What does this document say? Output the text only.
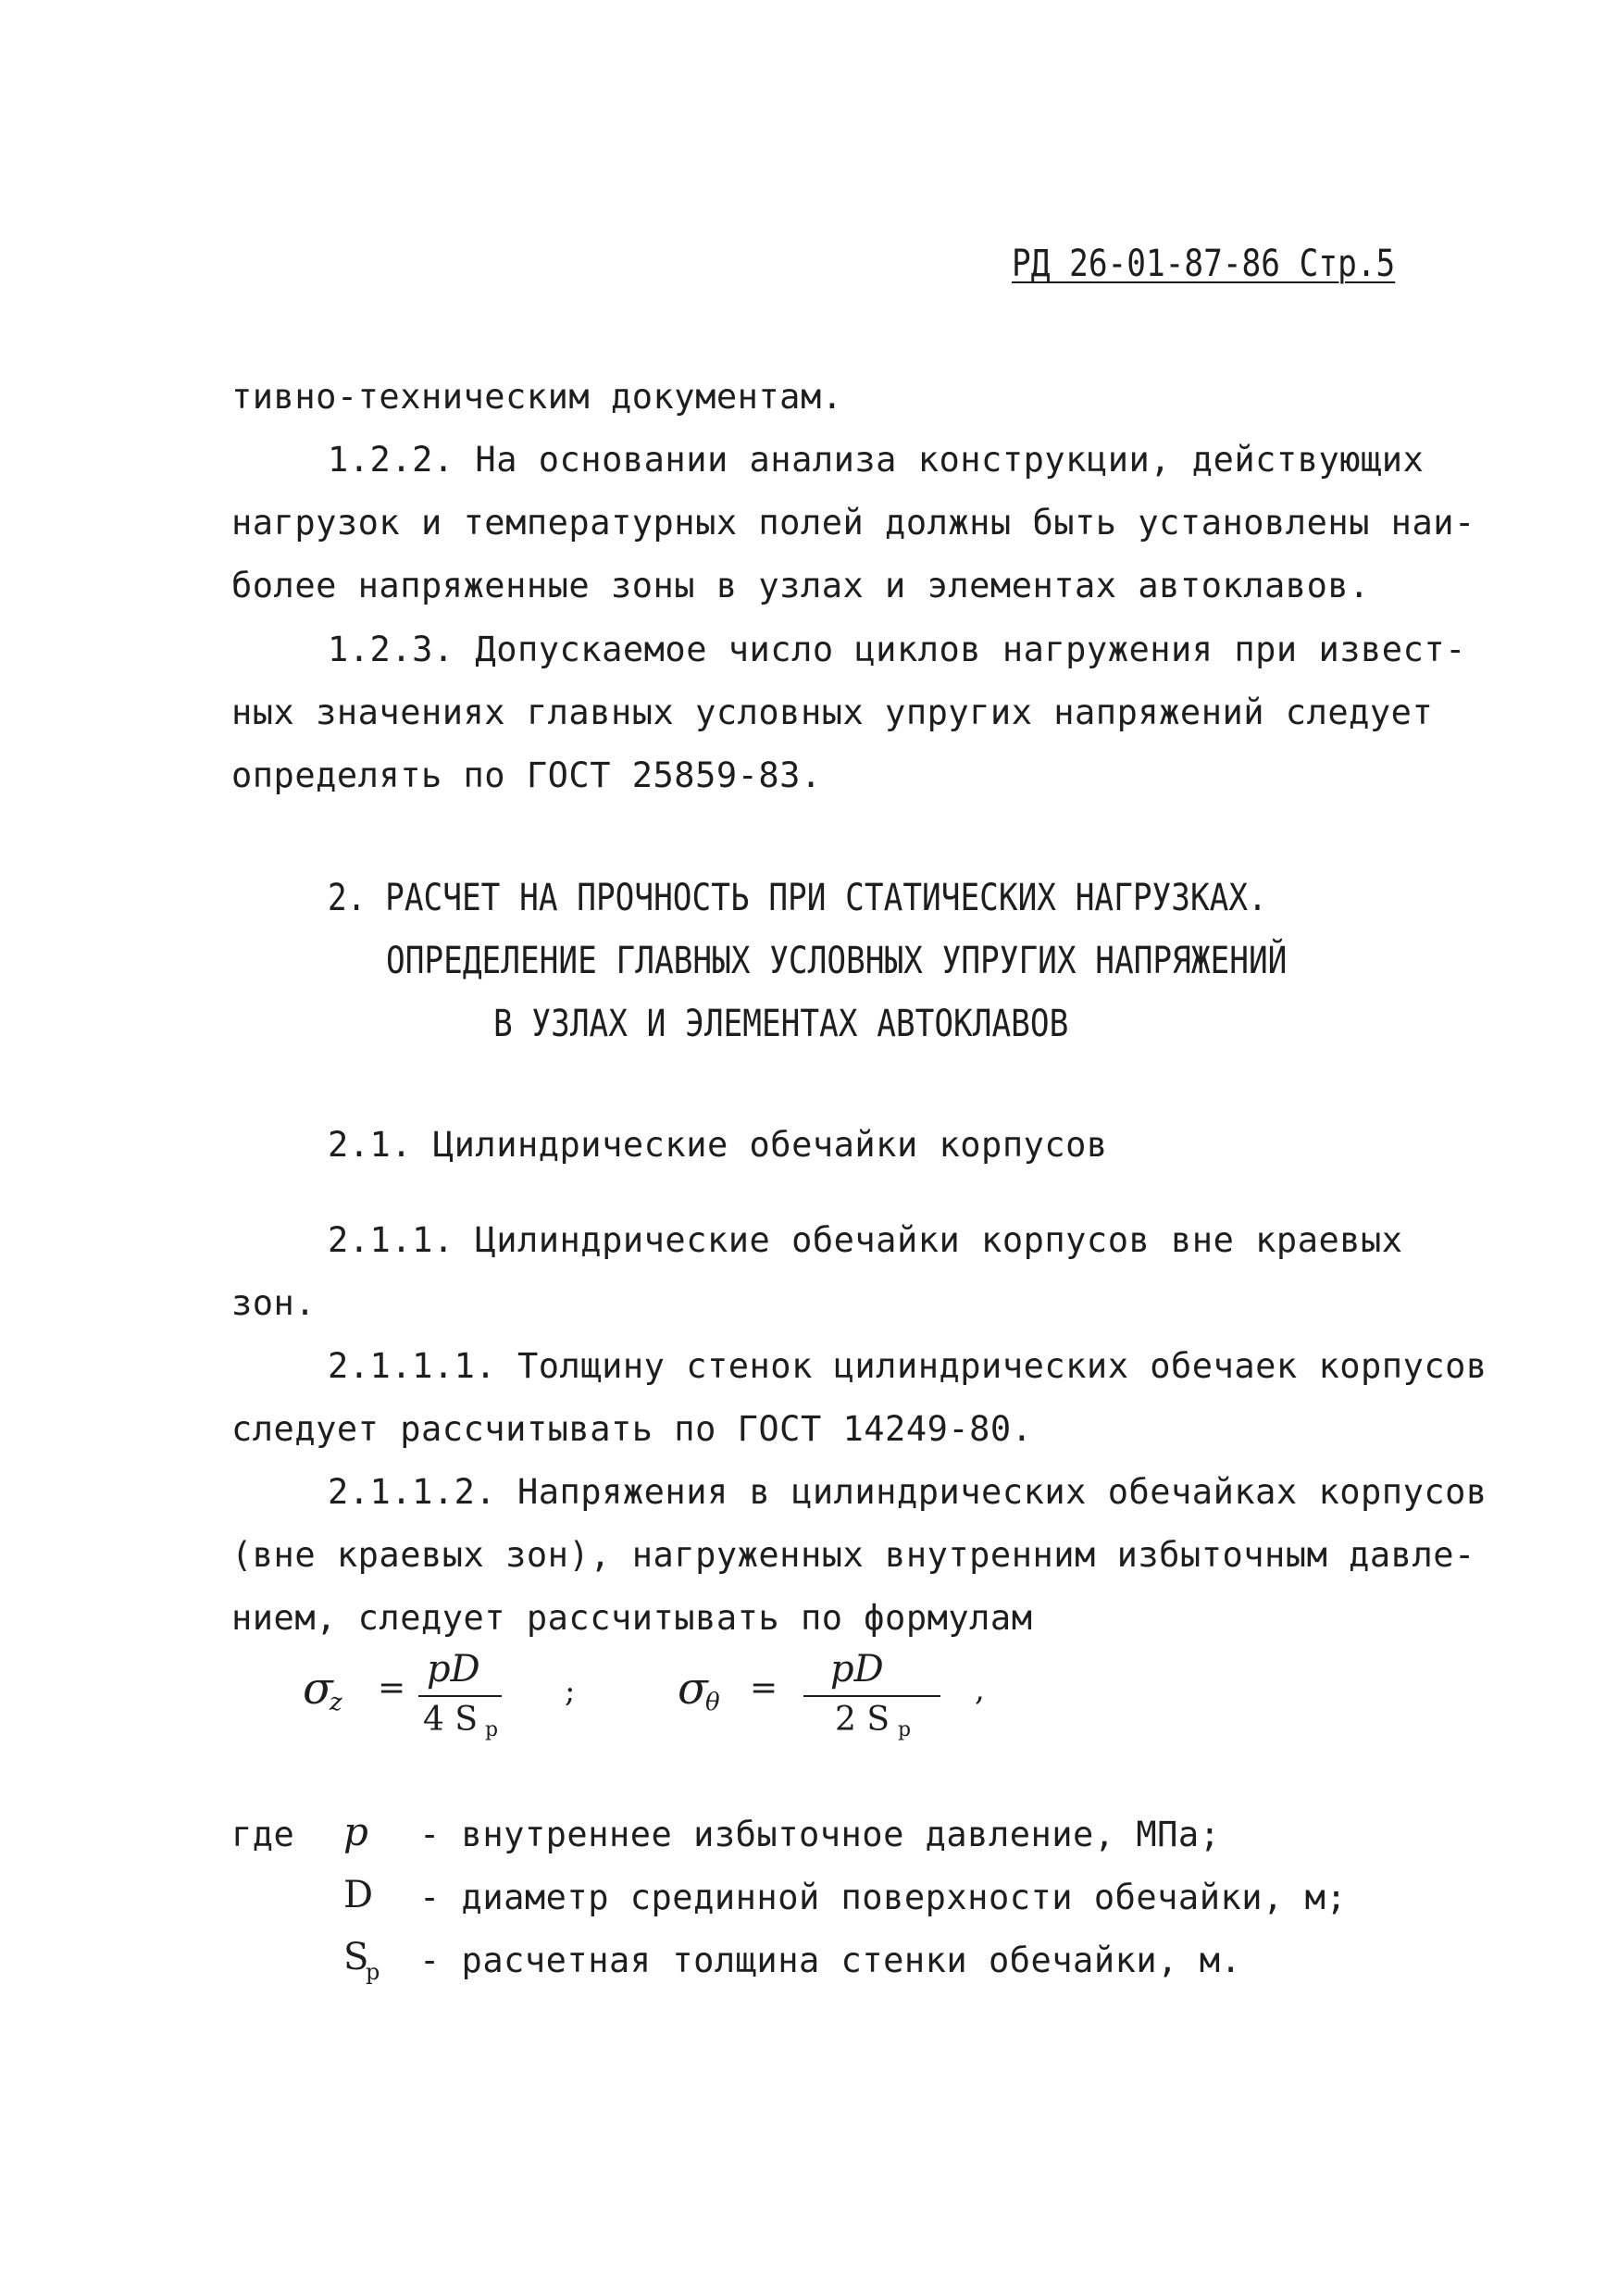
РД 26-01-87-86 Стр.5
тивно-техническим документам.
1.2.2. На основании анализа конструкции, действующих
нагрузок и температурных полей должны быть установлены наи-
более напряженные зоны в узлах и элементах автоклавов.
1.2.3. Допускаемое число циклов нагружения при извест-
ных значениях главных условных упругих напряжений следует
определять по ГОСТ 25859-83.
2. РАСЧЕТ НА ПРОЧНОСТЬ ПРИ СТАТИЧЕСКИХ НАГРУЗКАХ.
ОПРЕДЕЛЕНИЕ ГЛАВНЫХ УСЛОВНЫХ УПРУГИХ НАПРЯЖЕНИЙ
В УЗЛАХ И ЭЛЕМЕНТАХ АВТОКЛАВОВ
2.1. Цилиндрические обечайки корпусов
2.1.1. Цилиндрические обечайки корпусов вне краевых
зон.
2.1.1.1. Толщину стенок цилиндрических обечаек корпусов
следует рассчитывать по ГОСТ 14249-80.
2.1.1.2. Напряжения в цилиндрических обечайках корпусов
(вне краевых зон), нагруженных внутренним избыточным давле-
нием, следует рассчитывать по формулам
σ
z = pD
4 S p
; σ
θ = pD
2 S p
,
где p - внутреннее избыточное давление, МПа;
D - диаметр срединной поверхности обечайки, м;
S
p - расчетная толщина стенки обечайки, м.
